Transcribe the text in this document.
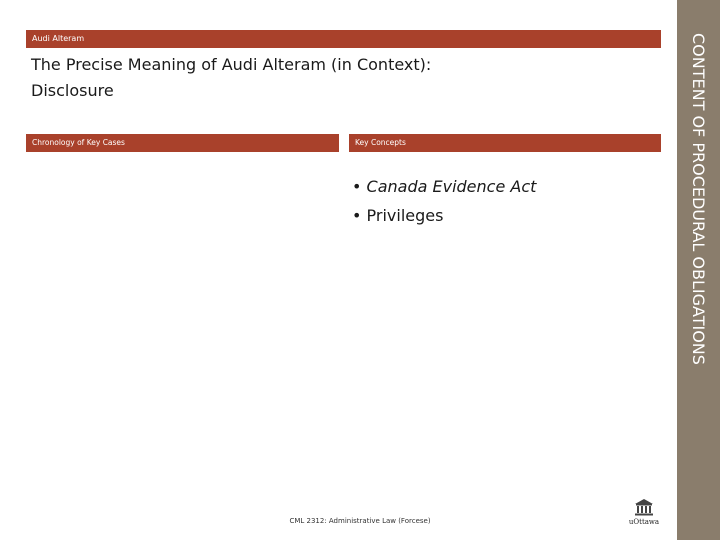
Audi Alteram
The Precise Meaning of Audi Alteram (in Context):
Disclosure
Chronology of Key Cases	Key Concepts
• Canada Evidence Act
• Privileges	CONTENT OF PROCEDURAL OBLIGATIONS
CML 2312: Administrative Law (Forcese)	uOttawa
